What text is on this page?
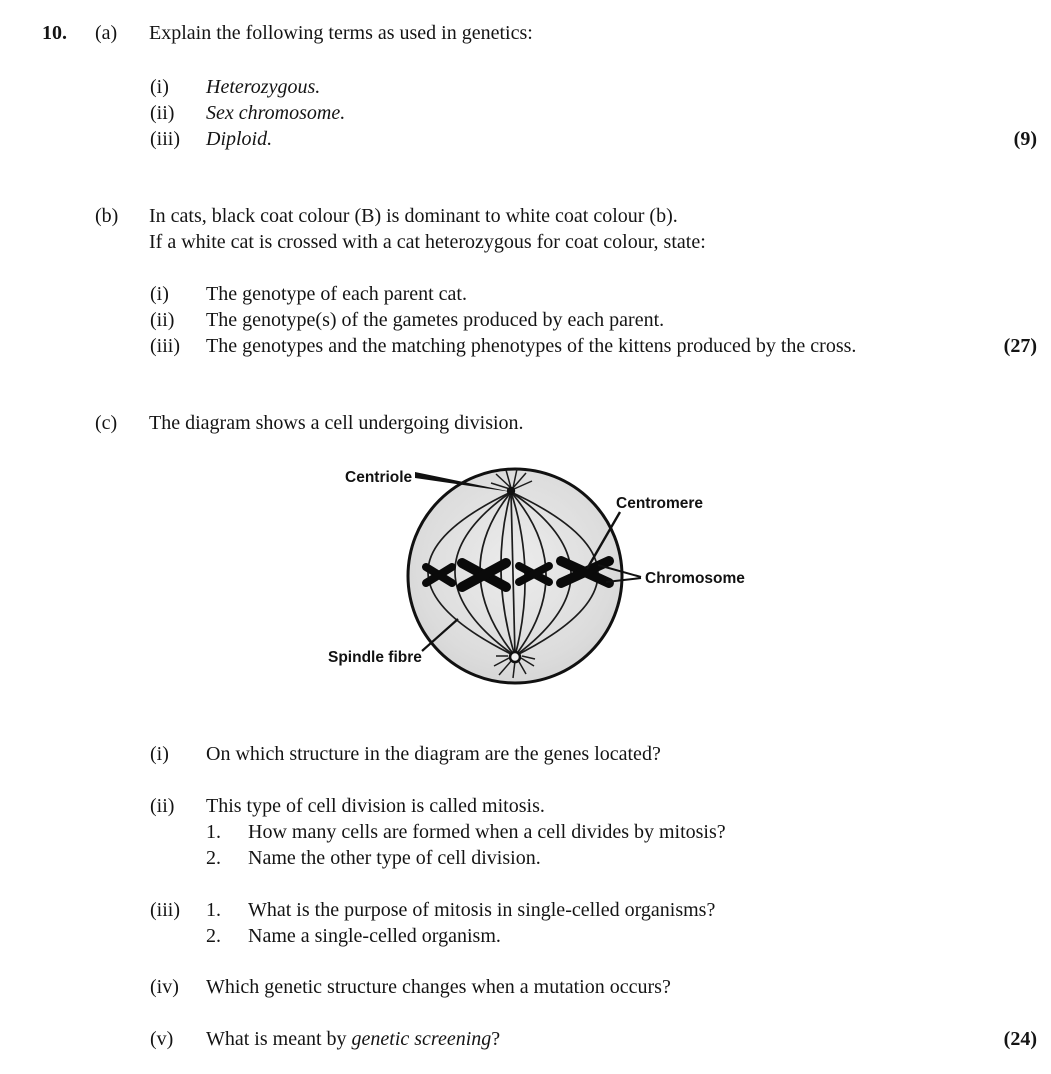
10. (a) Explain the following terms as used in genetics:
(i) Heterozygous.
(ii) Sex chromosome.
(iii) Diploid.	(9)
(b) In cats, black coat colour (B) is dominant to white coat colour (b).
If a white cat is crossed with a cat heterozygous for coat colour, state:
(i) The genotype of each parent cat.
(ii) The genotype(s) of the gametes produced by each parent.
(iii) The genotypes and the matching phenotypes of the kittens produced by the cross.	(27)
(c) The diagram shows a cell undergoing division.
Centriole
Centromere
Chromosome
Spindle fibre
(i) On which structure in the diagram are the genes located?
(ii) This type of cell division is called mitosis.
1. How many cells are formed when a cell divides by mitosis?
2. Name the other type of cell division.
(iii) 1. What is the purpose of mitosis in single-celled organisms?
2. Name a single-celled organism.
(iv) Which genetic structure changes when a mutation occurs?
(v) What is meant by genetic screening?	(24)
